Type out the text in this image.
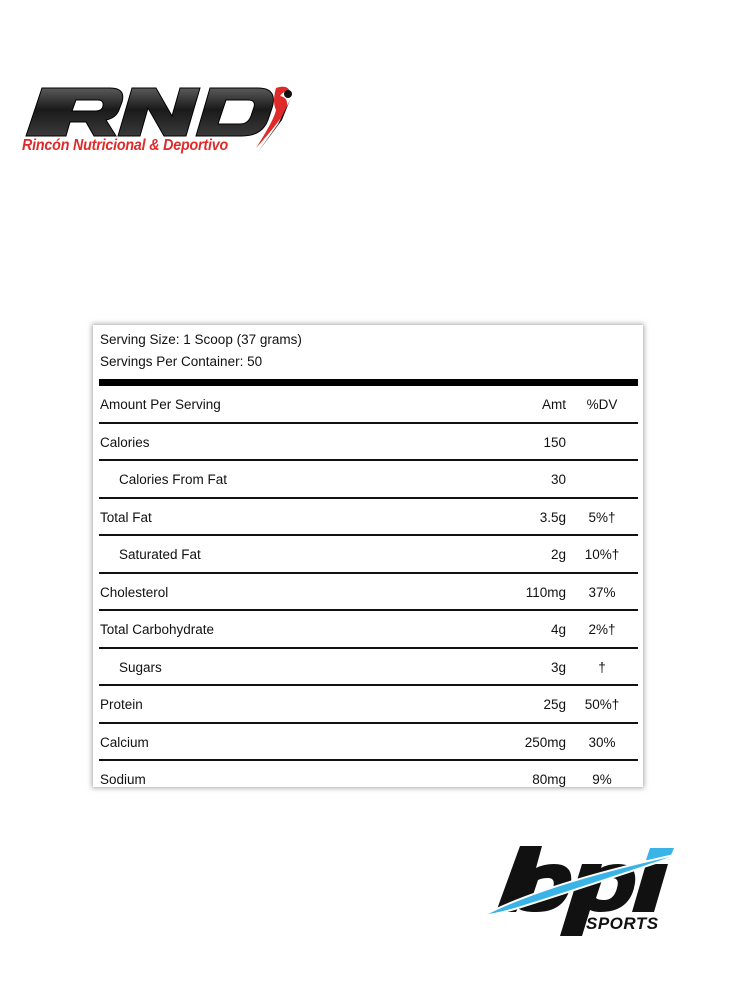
Rincón Nutricional & Deportivo
Serving Size: 1 Scoop (37 grams)
Servings Per Container: 50
Amount Per Serving	Amt	%DV
Calories	150
Calories From Fat	30
Total Fat	3.5g	5%†
Saturated Fat	2g	10%†
Cholesterol	110mg	37%
Total Carbohydrate	4g	2%†
Sugars	3g	†
Protein	25g	50%†
Calcium	250mg	30%
Sodium	80mg	9%
SPORTS
